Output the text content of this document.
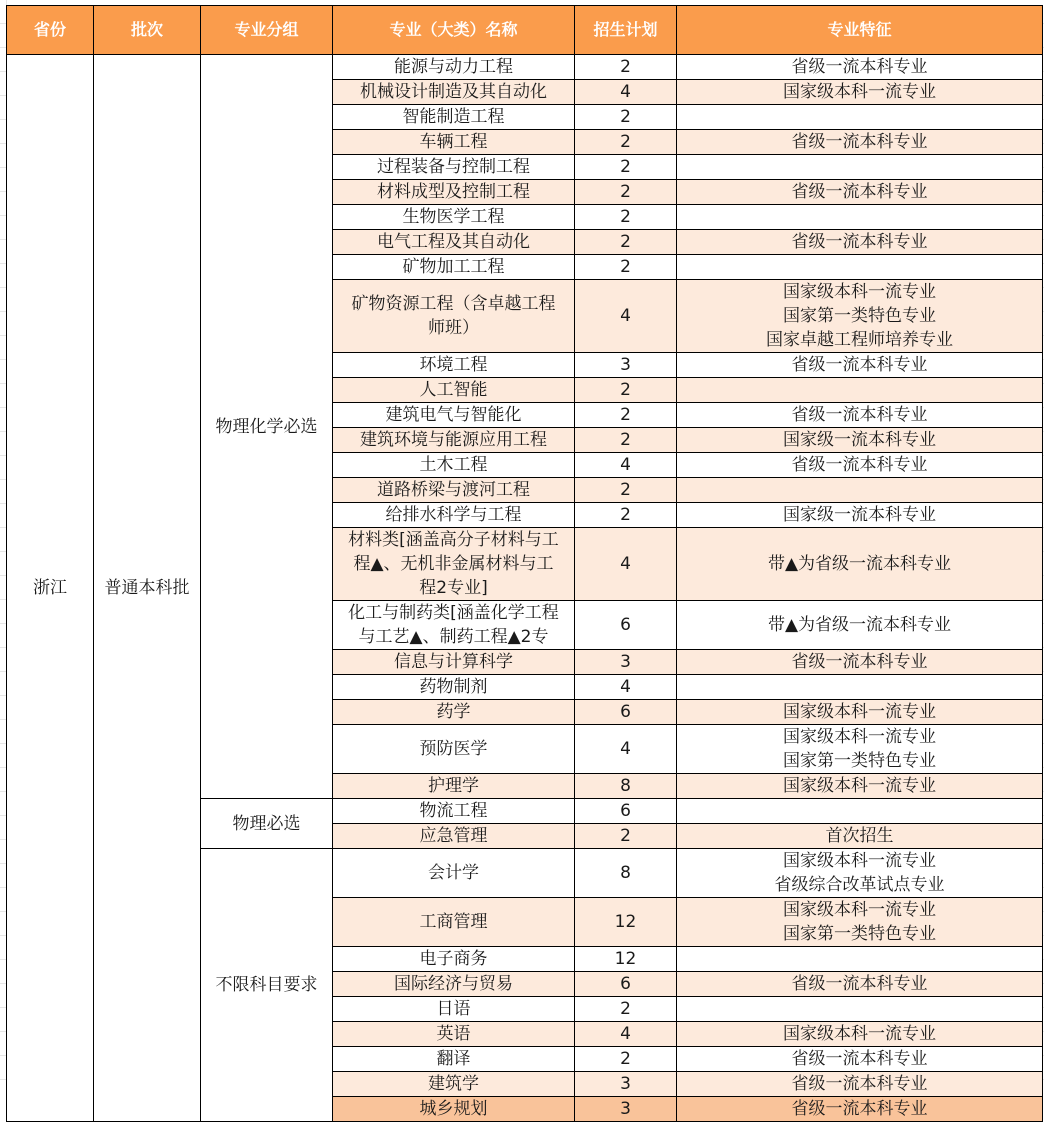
省份	批次	专业分组	专业（大类）名称	招生计划	专业特征
浙江	普通本科批	物理化学必选	能源与动力工程	2	省级一流本科专业

			机械设计制造及其自动化	4	国家级本科一流专业

			智能制造工程	2	

			车辆工程	2	省级一流本科专业

			过程装备与控制工程	2	

			材料成型及控制工程	2	省级一流本科专业

			生物医学工程	2	

			电气工程及其自动化	2	省级一流本科专业

			矿物加工工程	2	

			矿物资源工程（含卓越工程
师班）	4	国家级本科一流专业
国家第一类特色专业
国家卓越工程师培养专业

			环境工程	3	省级一流本科专业

			人工智能	2	

			建筑电气与智能化	2	省级一流本科专业

			建筑环境与能源应用工程	2	国家级一流本科专业

			土木工程	4	省级一流本科专业

			道路桥梁与渡河工程	2	

			给排水科学与工程	2	国家级一流本科专业

			材料类[涵盖高分子材料与工
程▲、无机非金属材料与工
程2专业]	4	带▲为省级一流本科专业

			化工与制药类[涵盖化学工程
与工艺▲、制药工程▲2专	6	带▲为省级一流本科专业

			信息与计算科学	3	省级一流本科专业

			药物制剂	4	

			药学	6	国家级本科一流专业

			预防医学	4	国家级本科一流专业
国家第一类特色专业

			护理学	8	国家级本科一流专业

		物理必选	物流工程	6	

			应急管理	2	首次招生

		不限科目要求	会计学	8	国家级本科一流专业
省级综合改革试点专业

			工商管理	12	国家级本科一流专业
国家第一类特色专业

			电子商务	12	

			国际经济与贸易	6	省级一流本科专业

			日语	2	

			英语	4	国家级本科一流专业

			翻译	2	省级一流本科专业

			建筑学	3	省级一流本科专业

			城乡规划	3	省级一流本科专业
